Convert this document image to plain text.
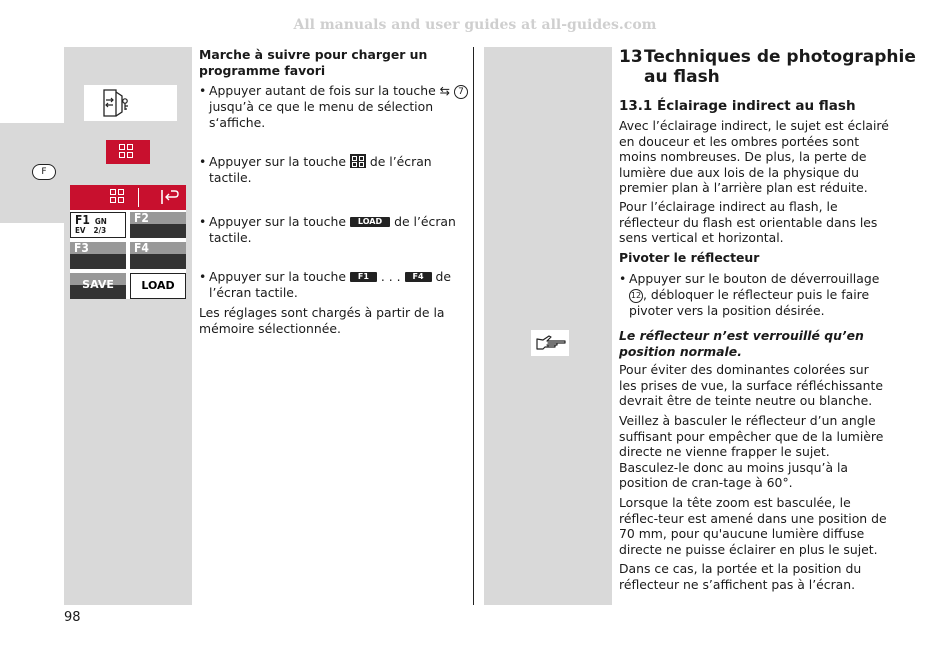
All manuals and user guides at all-guides.com
F
F1 GN
EV 2/3
F2
F3	F4
SAVE	LOAD

Marche à suivre pour charger un programme favori

• Appuyer autant de fois sur la touche ⇆ 7 jusqu’à ce que le menu de sélection s‘affiche.
• Appuyer sur la touche de l’écran tactile.
• Appuyer sur la touche LOAD de l’écran tactile.
• Appuyer sur la touche F1 . . . F4 de l’écran tactile.

Les réglages sont chargés à partir de la mémoire sélectionnée.

13Techniques de photographie
au flash
13.1 Éclairage indirect au flash

Avec l’éclairage indirect, le sujet est éclairé en douceur et les ombres portées sont moins nombreuses. De plus, la perte de lumière due aux lois de la physique du premier plan à l’arrière plan est réduite.

Pour l’éclairage indirect au flash, le réflecteur du flash est orientable dans les sens vertical et horizontal.

Pivoter le réflecteur

• Appuyer sur le bouton de déverrouillage 12 , débloquer le réflecteur puis le faire pivoter vers la position désirée.

Le réflecteur n’est verrouillé qu’en position normale.

Pour éviter des dominantes colorées sur les prises de vue, la surface réfléchissante devrait être de teinte neutre ou blanche.

Veillez à basculer le réflecteur d’un angle suffisant pour empêcher que de la lumière directe ne vienne frapper le sujet. Basculez-le donc au moins jusqu’à la position de cran-tage à 60°.

Lorsque la tête zoom est basculée, le réflec-teur est amené dans une position de 70 mm, pour qu'aucune lumière diffuse directe ne puisse éclairer en plus le sujet.

Dans ce cas, la portée et la position du réflecteur ne s’affichent pas à l’écran.

98
